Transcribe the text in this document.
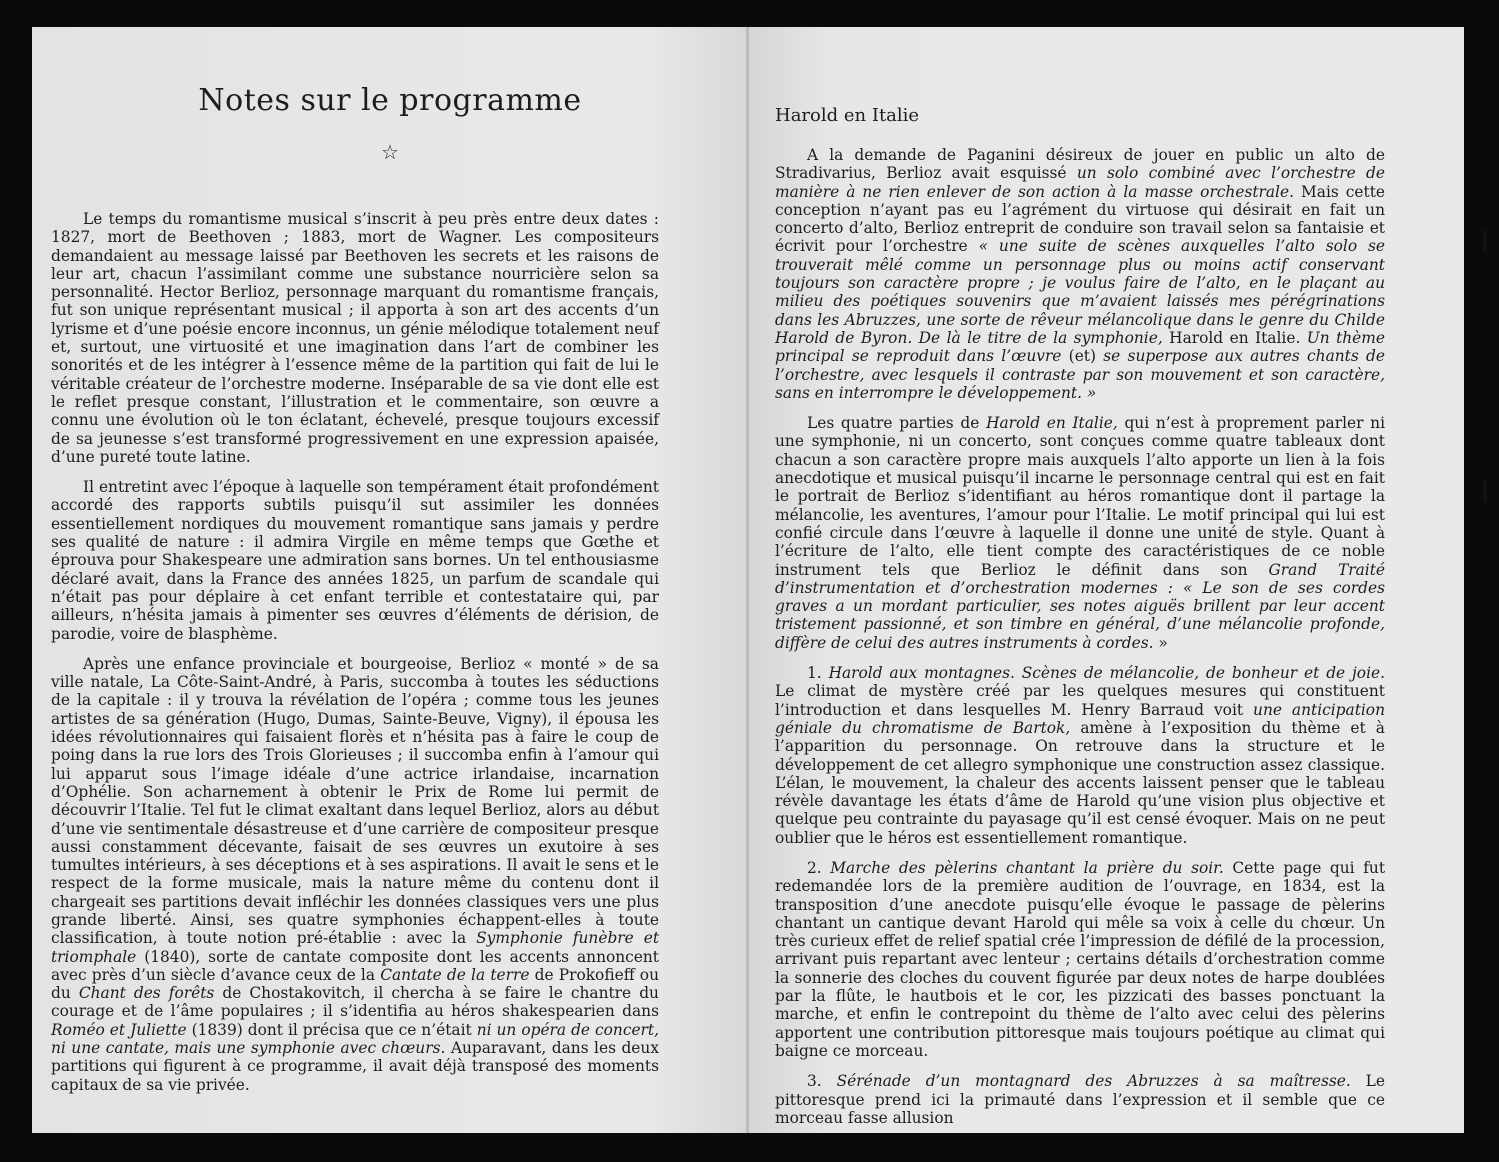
Notes sur le programme
☆

Le temps du romantisme musical s’inscrit à peu près entre deux dates : 1827, mort de Beethoven ; 1883, mort de Wagner. Les compositeurs demandaient au message laissé par Beethoven les secrets et les raisons de leur art, chacun l’assimilant comme une substance nourricière selon sa personnalité. Hector Berlioz, personnage marquant du romantisme français, fut son unique représentant musical ; il apporta à son art des accents d’un lyrisme et d’une poésie encore inconnus, un génie mélodique totalement neuf et, surtout, une virtuosité et une imagination dans l’art de combiner les sonorités et de les intégrer à l’essence même de la partition qui fait de lui le véritable créateur de l’orchestre moderne. Inséparable de sa vie dont elle est le reflet presque constant, l’illustration et le commentaire, son œuvre a connu une évolution où le ton éclatant, échevelé, presque toujours excessif de sa jeunesse s’est transformé progressivement en une expression apaisée, d’une pureté toute latine.

Il entretint avec l’époque à laquelle son tempérament était profondément accordé des rapports subtils puisqu’il sut assimiler les données essentiellement nordiques du mouvement romantique sans jamais y perdre ses qualité de nature : il admira Virgile en même temps que Gœthe et éprouva pour Shakespeare une admiration sans bornes. Un tel enthousiasme déclaré avait, dans la France des années 1825, un parfum de scandale qui n’était pas pour déplaire à cet enfant terrible et contestataire qui, par ailleurs, n’hésita jamais à pimenter ses œuvres d’éléments de dérision, de parodie, voire de blasphème.

Après une enfance provinciale et bourgeoise, Berlioz « monté » de sa ville natale, La Côte-Saint-André, à Paris, succomba à toutes les séductions de la capitale : il y trouva la révélation de l’opéra ; comme tous les jeunes artistes de sa génération (Hugo, Dumas, Sainte-Beuve, Vigny), il épousa les idées révolutionnaires qui faisaient florès et n’hésita pas à faire le coup de poing dans la rue lors des Trois Glorieuses ; il succomba enfin à l’amour qui lui apparut sous l’image idéale d’une actrice irlandaise, incarnation d’Ophélie. Son acharnement à obtenir le Prix de Rome lui permit de découvrir l’Italie. Tel fut le climat exaltant dans lequel Berlioz, alors au début d’une vie sentimentale désastreuse et d’une carrière de compositeur presque aussi constamment décevante, faisait de ses œuvres un exutoire à ses tumultes intérieurs, à ses déceptions et à ses aspirations. Il avait le sens et le respect de la forme musicale, mais la nature même du contenu dont il chargeait ses partitions devait infléchir les données classiques vers une plus grande liberté. Ainsi, ses quatre symphonies échappent-elles à toute classification, à toute notion pré-établie : avec la Symphonie funèbre et triomphale (1840), sorte de cantate composite dont les accents annoncent avec près d’un siècle d’avance ceux de la Cantate de la terre de Prokofieff ou du Chant des forêts de Chostakovitch, il chercha à se faire le chantre du courage et de l’âme populaires ; il s’identifia au héros shakespearien dans Roméo et Juliette (1839) dont il précisa que ce n’était ni un opéra de concert, ni une cantate, mais une symphonie avec chœurs. Auparavant, dans les deux partitions qui figurent à ce programme, il avait déjà transposé des moments capitaux de sa vie privée.

Harold en Italie

A la demande de Paganini désireux de jouer en public un alto de Stradivarius, Berlioz avait esquissé un solo combiné avec l’orchestre de manière à ne rien enlever de son action à la masse orchestrale. Mais cette conception n’ayant pas eu l’agrément du virtuose qui désirait en fait un concerto d’alto, Berlioz entreprit de conduire son travail selon sa fantaisie et écrivit pour l’orchestre « une suite de scènes auxquelles l’alto solo se trouverait mêlé comme un personnage plus ou moins actif conservant toujours son caractère propre ; je voulus faire de l’alto, en le plaçant au milieu des poétiques souvenirs que m’avaient laissés mes pérégrinations dans les Abruzzes, une sorte de rêveur mélancolique dans le genre du Childe Harold de Byron. De là le titre de la symphonie, Harold en Italie. Un thème principal se reproduit dans l’œuvre (et) se superpose aux autres chants de l’orchestre, avec lesquels il contraste par son mouvement et son caractère, sans en interrompre le développement. »

Les quatre parties de Harold en Italie, qui n’est à proprement parler ni une symphonie, ni un concerto, sont conçues comme quatre tableaux dont chacun a son caractère propre mais auxquels l’alto apporte un lien à la fois anecdotique et musical puisqu’il incarne le personnage central qui est en fait le portrait de Berlioz s’identifiant au héros romantique dont il partage la mélancolie, les aventures, l’amour pour l’Italie. Le motif principal qui lui est confié circule dans l’œuvre à laquelle il donne une unité de style. Quant à l’écriture de l’alto, elle tient compte des caractéristiques de ce noble instrument tels que Berlioz le définit dans son Grand Traité d’instrumentation et d’orchestration modernes : « Le son de ses cordes graves a un mordant particulier, ses notes aiguës brillent par leur accent tristement passionné, et son timbre en général, d’une mélancolie profonde, diffère de celui des autres instruments à cordes. »

1. Harold aux montagnes. Scènes de mélancolie, de bonheur et de joie. Le climat de mystère créé par les quelques mesures qui constituent l’introduction et dans lesquelles M. Henry Barraud voit une anticipation géniale du chromatisme de Bartok, amène à l’exposition du thème et à l’apparition du personnage. On retrouve dans la structure et le développement de cet allegro symphonique une construction assez classique. L’élan, le mouvement, la chaleur des accents laissent penser que le tableau révèle davantage les états d’âme de Harold qu’une vision plus objective et quelque peu contrainte du payasage qu’il est censé évoquer. Mais on ne peut oublier que le héros est essentiellement romantique.

2. Marche des pèlerins chantant la prière du soir. Cette page qui fut redemandée lors de la première audition de l’ouvrage, en 1834, est la transposition d’une anecdote puisqu’elle évoque le passage de pèlerins chantant un cantique devant Harold qui mêle sa voix à celle du chœur. Un très curieux effet de relief spatial crée l’impression de défilé de la procession, arrivant puis repartant avec lenteur ; certains détails d’orchestration comme la sonnerie des cloches du couvent figurée par deux notes de harpe doublées par la flûte, le hautbois et le cor, les pizzicati des basses ponctuant la marche, et enfin le contrepoint du thème de l’alto avec celui des pèlerins apportent une contribution pittoresque mais toujours poétique au climat qui baigne ce morceau.

3. Sérénade d’un montagnard des Abruzzes à sa maîtresse. Le pittoresque prend ici la primauté dans l’expression et il semble que ce morceau fasse allusion
